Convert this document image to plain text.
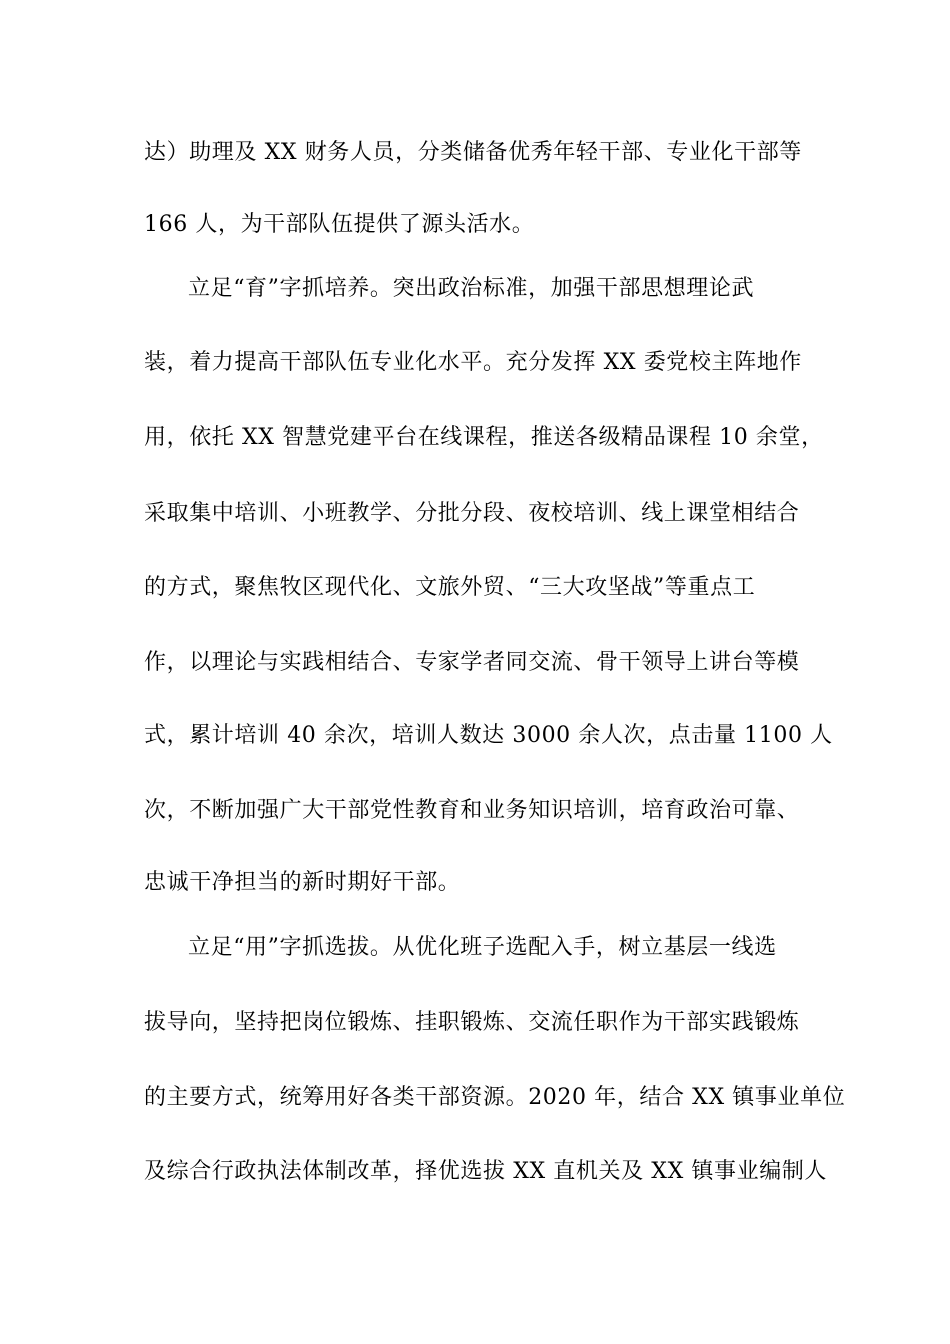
达）助理及 XX 财务人员，分类储备优秀年轻干部、专业化干部等
166 人，为干部队伍提供了源头活水。
立足“育”字抓培养。突出政治标准，加强干部思想理论武
装，着力提高干部队伍专业化水平。充分发挥 XX 委党校主阵地作
用，依托 XX 智慧党建平台在线课程，推送各级精品课程 10 余堂，
采取集中培训、小班教学、分批分段、夜校培训、线上课堂相结合
的方式，聚焦牧区现代化、文旅外贸、“三大攻坚战”等重点工
作，以理论与实践相结合、专家学者同交流、骨干领导上讲台等模
式，累计培训 40 余次，培训人数达 3000 余人次，点击量 1100 人
次，不断加强广大干部党性教育和业务知识培训，培育政治可靠、
忠诚干净担当的新时期好干部。
立足“用”字抓选拔。从优化班子选配入手，树立基层一线选
拔导向，坚持把岗位锻炼、挂职锻炼、交流任职作为干部实践锻炼
的主要方式，统筹用好各类干部资源。2020 年，结合 XX 镇事业单位
及综合行政执法体制改革，择优选拔 XX 直机关及 XX 镇事业编制人
